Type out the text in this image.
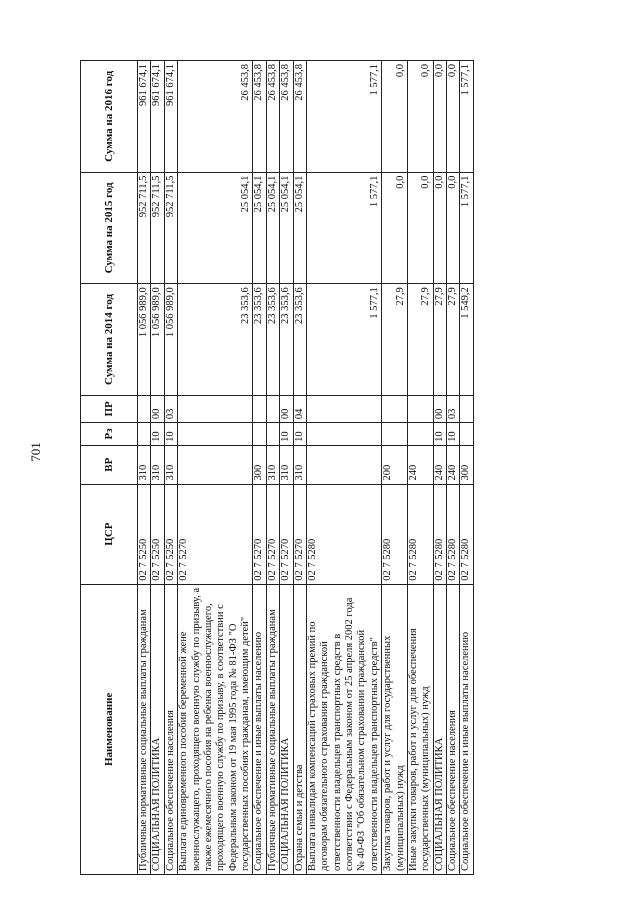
701
Наименование	ЦСР	ВР	Рз	ПР	Сумма на 2014 год	Сумма на 2015 год	Сумма на 2016 год
Публичные нормативные социальные выплаты гражданам	02 7 5250	310			1 056 989,0	952 711,5	961 674,1
СОЦИАЛЬНАЯ ПОЛИТИКА	02 7 5250	310	10	00	1 056 989,0	952 711,5	961 674,1
Социальное обеспечение населения	02 7 5250	310	10	03	1 056 989,0	952 711,5	961 674,1
Выплата единовременного пособия беременной жене военнослужащего, проходящего военную службу по призыву, а также ежемесячного пособия на ребенка военнослужащего, проходящего военную службу по призыву, в соответствии с Федеральным законом от 19 мая 1995 года № 81-ФЗ "О государственных пособиях гражданам, имеющим детей"	02 7 5270				23 353,6	25 054,1	26 453,8
Социальное обеспечение и иные выплаты населению	02 7 5270	300			23 353,6	25 054,1	26 453,8
Публичные нормативные социальные выплаты гражданам	02 7 5270	310			23 353,6	25 054,1	26 453,8
СОЦИАЛЬНАЯ ПОЛИТИКА	02 7 5270	310	10	00	23 353,6	25 054,1	26 453,8
Охрана семьи и детства	02 7 5270	310	10	04	23 353,6	25 054,1	26 453,8
Выплата инвалидам компенсаций страховых премий по договорам обязательного страхования гражданской ответственности владельцев транспортных средств в соответствии с Федеральным законом от 25 апреля 2002 года № 40-ФЗ "Об обязательном страховании гражданской ответственности владельцев транспортных средств"	02 7 5280				1 577,1	1 577,1	1 577,1
Закупка товаров, работ и услуг для государственных (муниципальных) нужд	02 7 5280	200			27,9	0,0	0,0
Иные закупки товаров, работ и услуг для обеспечения государственных (муниципальных) нужд	02 7 5280	240			27,9	0,0	0,0
СОЦИАЛЬНАЯ ПОЛИТИКА	02 7 5280	240	10	00	27,9	0,0	0,0
Социальное обеспечение населения	02 7 5280	240	10	03	27,9	0,0	0,0
Социальное обеспечение и иные выплаты населению	02 7 5280	300			1 549,2	1 577,1	1 577,1
